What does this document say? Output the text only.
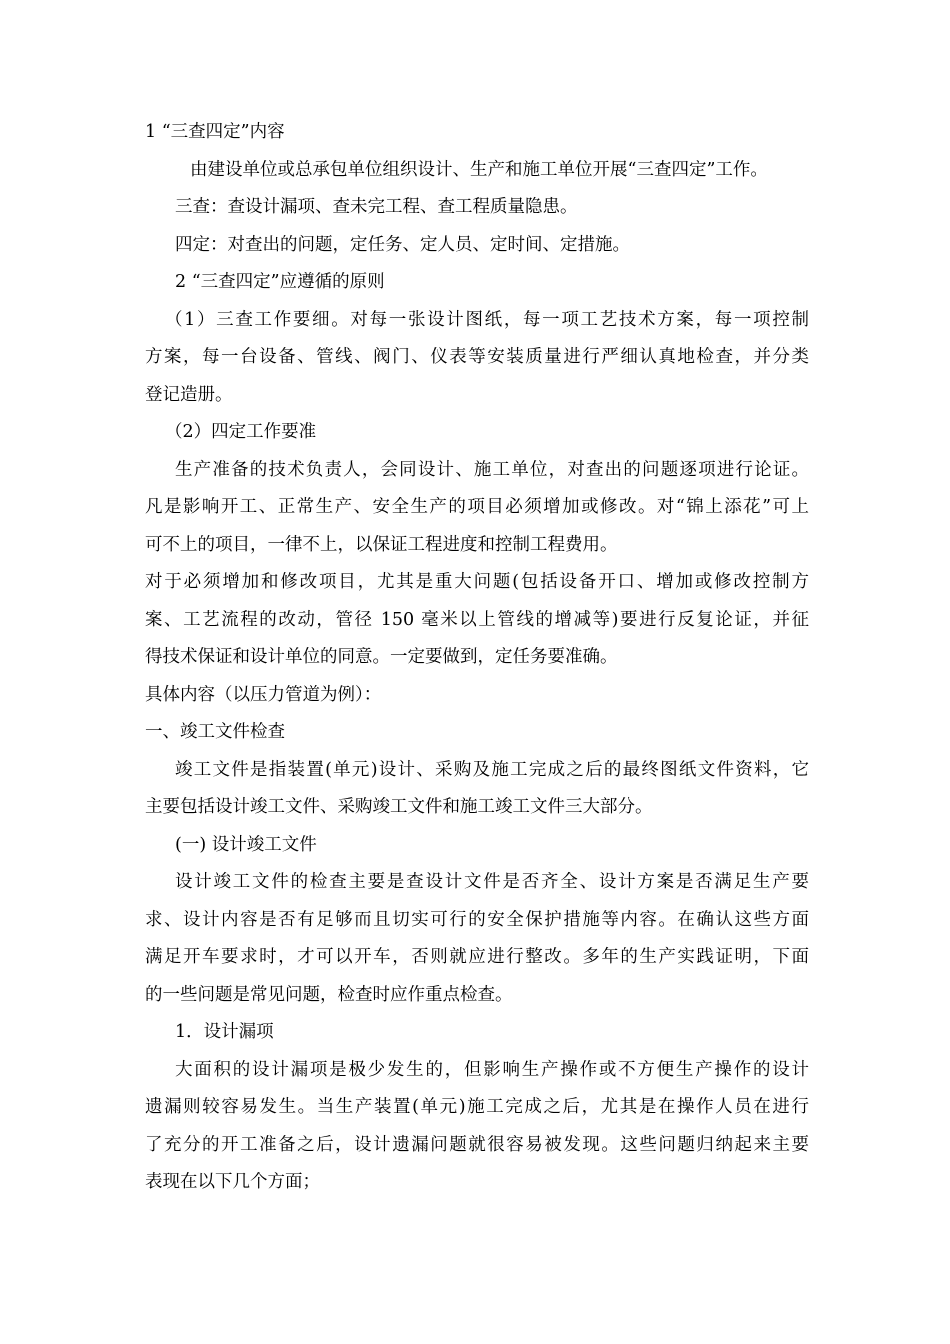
1 “三查四定”内容
由建设单位或总承包单位组织设计、生产和施工单位开展“三查四定”工作。
三查：查设计漏项、查未完工程、查工程质量隐患。
四定：对查出的问题，定任务、定人员、定时间、定措施。
2 “三查四定”应遵循的原则
（1）三查工作要细。对每一张设计图纸，每一项工艺技术方案，每一项控制
方案，每一台设备、管线、阀门、仪表等安装质量进行严细认真地检查，并分类
登记造册。
（2）四定工作要准
生产准备的技术负责人，会同设计、施工单位，对查出的问题逐项进行论证。
凡是影响开工、正常生产、安全生产的项目必须增加或修改。对“锦上添花”可上
可不上的项目，一律不上，以保证工程进度和控制工程费用。
对于必须增加和修改项目，尤其是重大问题(包括设备开口、增加或修改控制方
案、工艺流程的改动，管径 150 毫米以上管线的增减等)要进行反复论证，并征
得技术保证和设计单位的同意。一定要做到，定任务要准确。
具体内容（以压力管道为例）：
一、竣工文件检查
竣工文件是指装置(单元)设计、采购及施工完成之后的最终图纸文件资料，它
主要包括设计竣工文件、采购竣工文件和施工竣工文件三大部分。
(一) 设计竣工文件
设计竣工文件的检查主要是查设计文件是否齐全、设计方案是否满足生产要
求、设计内容是否有足够而且切实可行的安全保护措施等内容。在确认这些方面
满足开车要求时，才可以开车，否则就应进行整改。多年的生产实践证明，下面
的一些问题是常见问题，检查时应作重点检查。
1．设计漏项
大面积的设计漏项是极少发生的，但影响生产操作或不方便生产操作的设计
遗漏则较容易发生。当生产装置(单元)施工完成之后，尤其是在操作人员在进行
了充分的开工准备之后，设计遗漏问题就很容易被发现。这些问题归纳起来主要
表现在以下几个方面；
